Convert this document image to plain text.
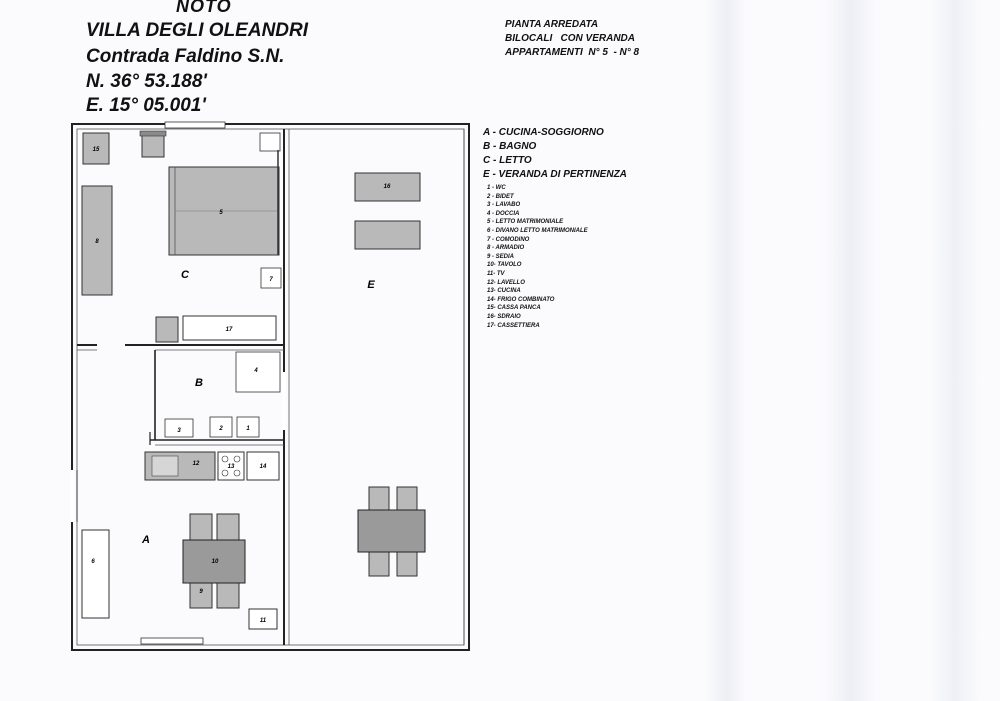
NOTO
VILLA DEGLI OLEANDRI
Contrada Faldino S.N.
N. 36° 53.188'
E. 15° 05.001'
PIANTA ARREDATA
BILOCALI   CON VERANDA
APPARTAMENTI  N° 5  - N° 8
A - CUCINA-SOGGIORNO
B - BAGNO
C - LETTO
E - VERANDA DI PERTINENZA
1 - WC
2 - BIDET
3 - LAVABO
4 - DOCCIA
5 - LETTO MATRIMONIALE
6 - DIVANO LETTO MATRIMONIALE
7 - COMODINO
8 - ARMADIO
9 - SEDIA
10- TAVOLO
11- TV
12- LAVELLO
13- CUCINA
14- FRIGO COMBINATO
15- CASSA PANCA
16- SDRAIO
17- CASSETTIERA
15
8
5
7
C
17
B
4
3	2	1
12	13	14
A
6	10
9
11
E
16
